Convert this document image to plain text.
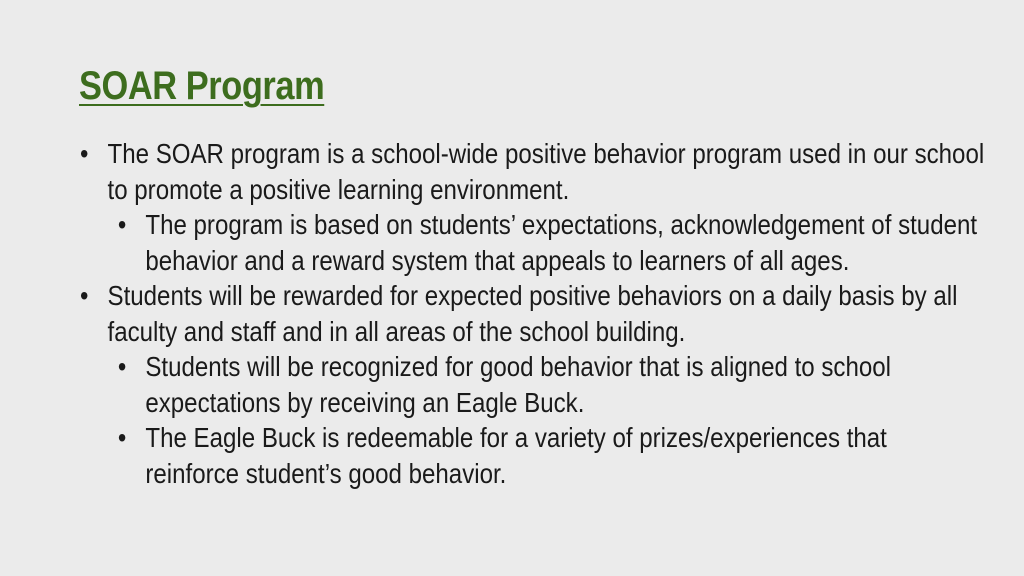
SOAR Program
• The SOAR program is a school-wide positive behavior program used in our school to promote a positive learning environment.
• The program is based on students’ expectations, acknowledgement of student behavior and a reward system that appeals to learners of all ages.
• Students will be rewarded for expected positive behaviors on a daily basis by all faculty and staff and in all areas of the school building.
• Students will be recognized for good behavior that is aligned to school expectations by receiving an Eagle Buck.
• The Eagle Buck is redeemable for a variety of prizes/experiences that reinforce student’s good behavior.
